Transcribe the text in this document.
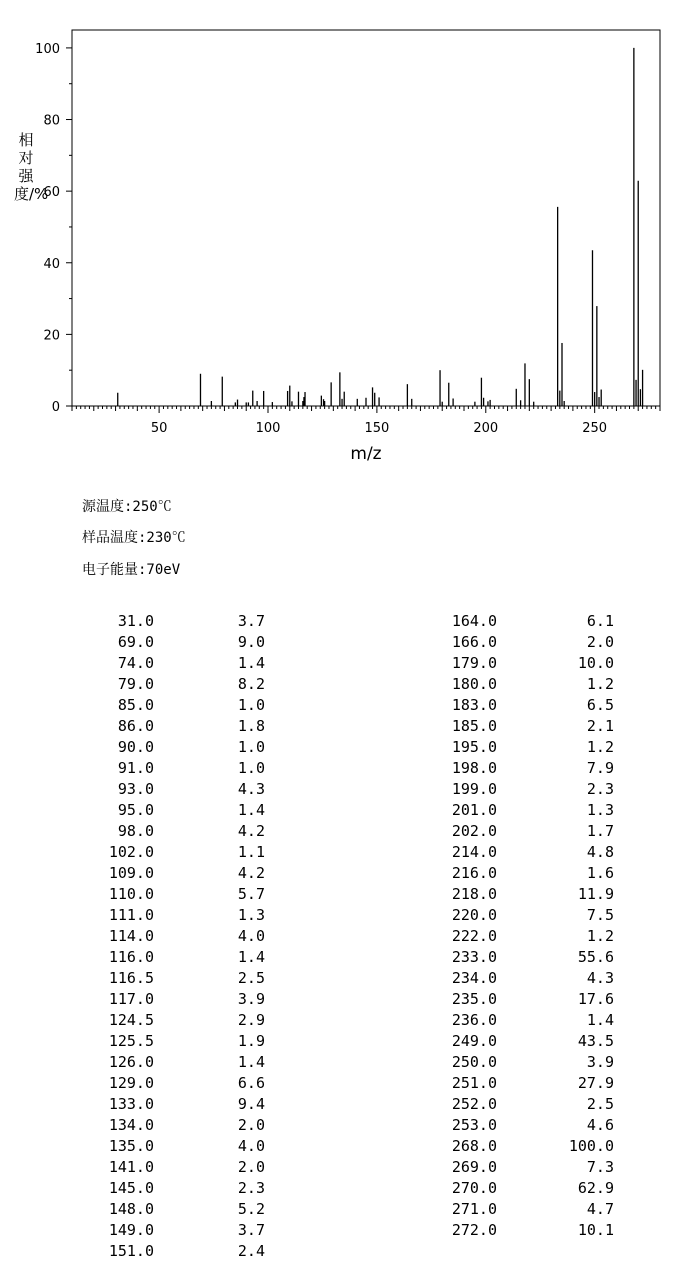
50	100	150	200	250
0
20
40
60
80
100
m/z
相对强度/%
源温度:250℃
样品温度:230℃
电子能量:70eV
31.0	3.7
69.0	9.0
74.0	1.4
79.0	8.2
85.0	1.0
86.0	1.8
90.0	1.0
91.0	1.0
93.0	4.3
95.0	1.4
98.0	4.2
102.0	1.1
109.0	4.2
110.0	5.7
111.0	1.3
114.0	4.0
116.0	1.4
116.5	2.5
117.0	3.9
124.5	2.9
125.5	1.9
126.0	1.4
129.0	6.6
133.0	9.4
134.0	2.0
135.0	4.0
141.0	2.0
145.0	2.3
148.0	5.2
149.0	3.7
151.0	2.4
164.0	6.1
166.0	2.0
179.0	10.0
180.0	1.2
183.0	6.5
185.0	2.1
195.0	1.2
198.0	7.9
199.0	2.3
201.0	1.3
202.0	1.7
214.0	4.8
216.0	1.6
218.0	11.9
220.0	7.5
222.0	1.2
233.0	55.6
234.0	4.3
235.0	17.6
236.0	1.4
249.0	43.5
250.0	3.9
251.0	27.9
252.0	2.5
253.0	4.6
268.0	100.0
269.0	7.3
270.0	62.9
271.0	4.7
272.0	10.1
